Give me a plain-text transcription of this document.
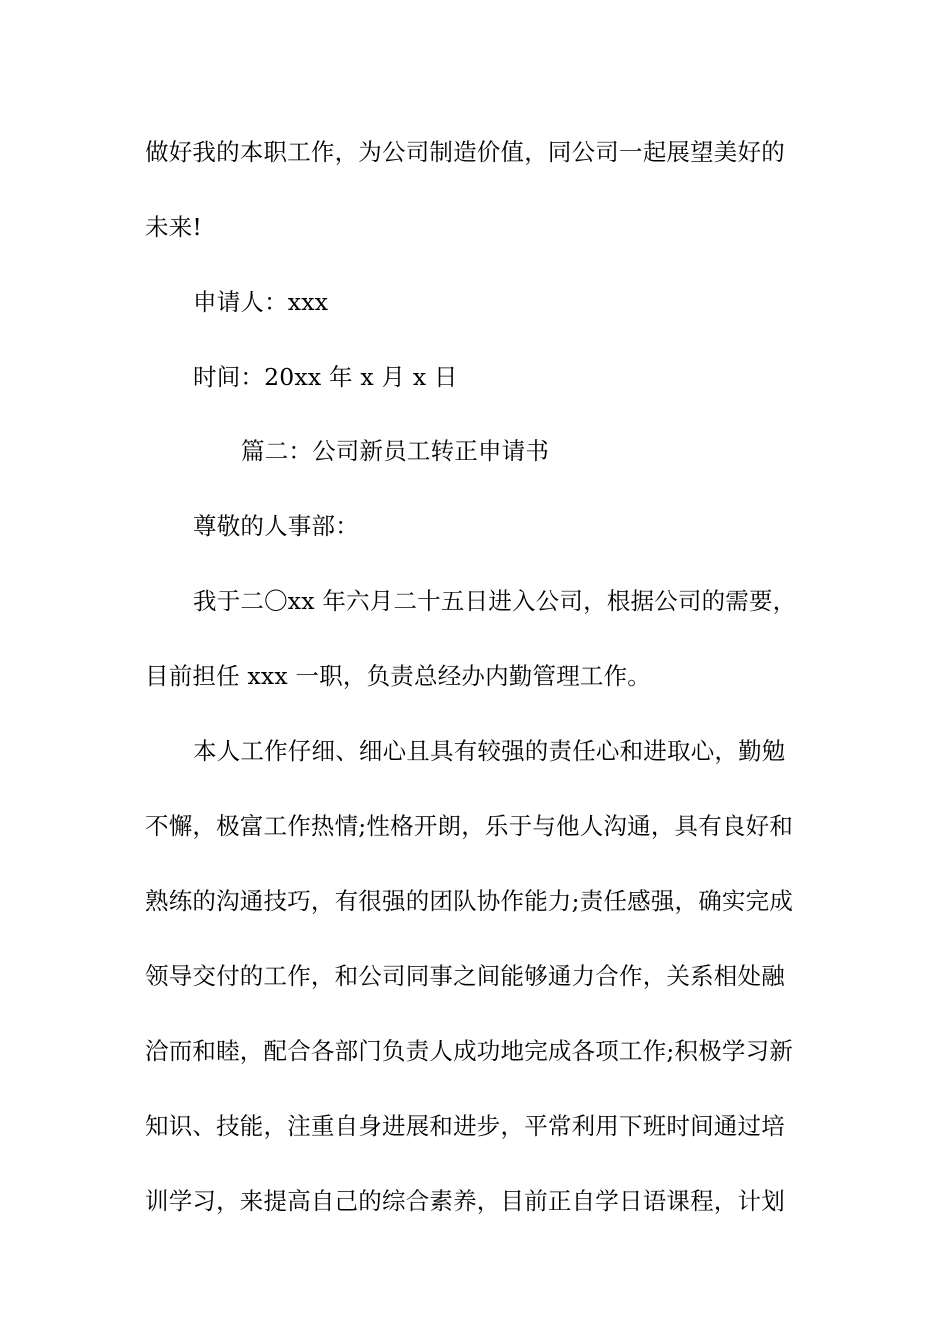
做好我的本职工作，为公司制造价值，同公司一起展望美好的
未来!
申请人：xxx
时间：20xx 年 x 月 x 日
篇二：公司新员工转正申请书
尊敬的人事部：
我于二〇xx 年六月二十五日进入公司，根据公司的需要，
目前担任 xxx 一职，负责总经办内勤管理工作。
本人工作仔细、细心且具有较强的责任心和进取心，勤勉
不懈，极富工作热情;性格开朗，乐于与他人沟通，具有良好和
熟练的沟通技巧，有很强的团队协作能力;责任感强，确实完成
领导交付的工作，和公司同事之间能够通力合作，关系相处融
洽而和睦，配合各部门负责人成功地完成各项工作;积极学习新
知识、技能，注重自身进展和进步，平常利用下班时间通过培
训学习，来提高自己的综合素养，目前正自学日语课程，计划
